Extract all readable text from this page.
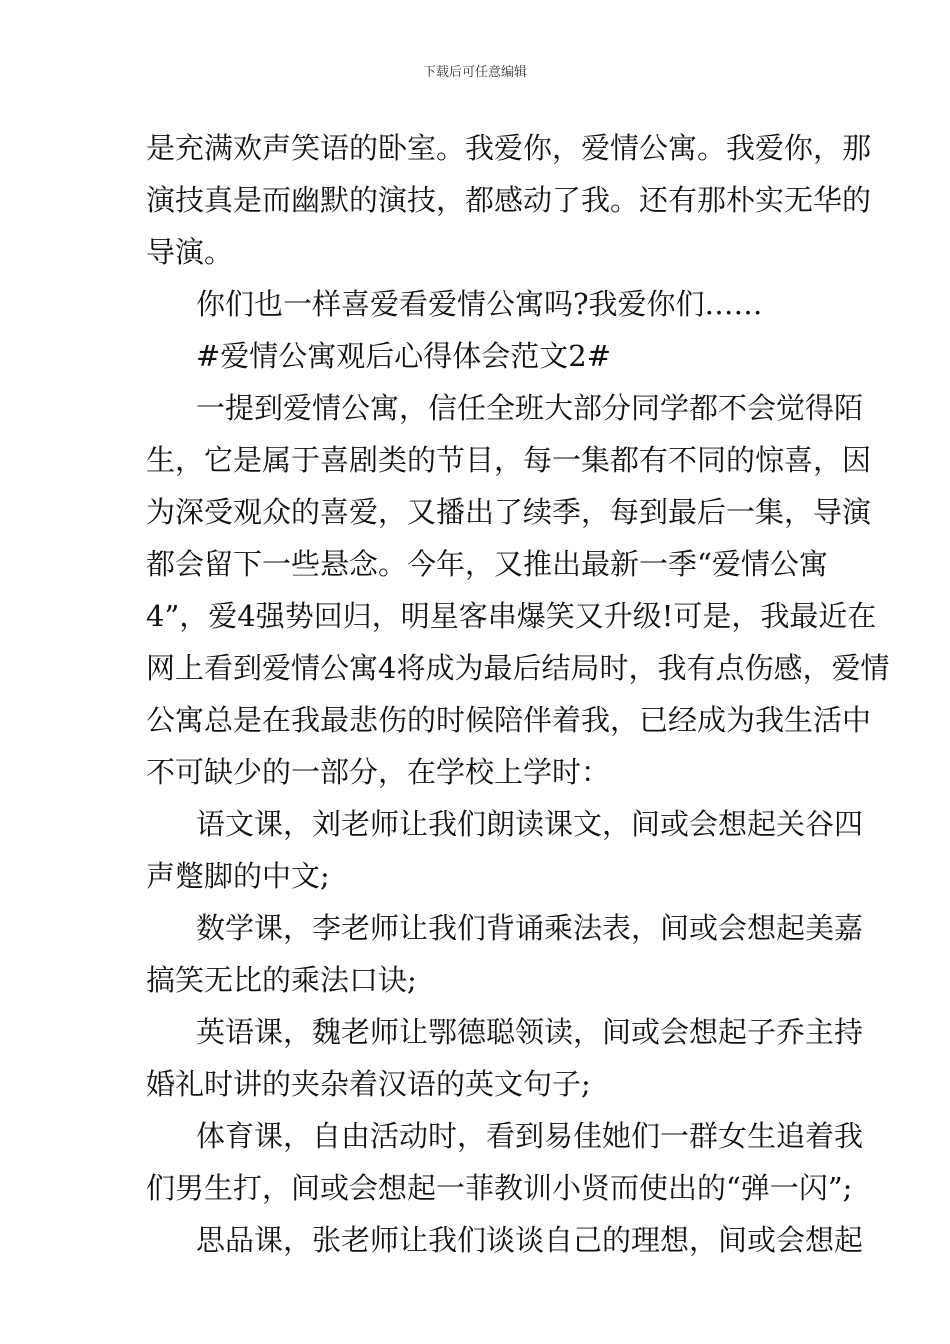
下载后可任意编辑
是充满欢声笑语的卧室。我爱你，爱情公寓。我爱你，那
演技真是而幽默的演技，都感动了我。还有那朴实无华的
导演。
你们也一样喜爱看爱情公寓吗?我爱你们……
#爱情公寓观后心得体会范文2#
一提到爱情公寓，信任全班大部分同学都不会觉得陌
生，它是属于喜剧类的节目，每一集都有不同的惊喜，因
为深受观众的喜爱，又播出了续季，每到最后一集，导演
都会留下一些悬念。今年，又推出最新一季“爱情公寓
4”，爱4强势回归，明星客串爆笑又升级!可是，我最近在
网上看到爱情公寓4将成为最后结局时，我有点伤感，爱情
公寓总是在我最悲伤的时候陪伴着我，已经成为我生活中
不可缺少的一部分，在学校上学时：
语文课，刘老师让我们朗读课文，间或会想起关谷四
声蹩脚的中文;
数学课，李老师让我们背诵乘法表，间或会想起美嘉
搞笑无比的乘法口诀;
英语课，魏老师让鄂德聪领读，间或会想起子乔主持
婚礼时讲的夹杂着汉语的英文句子;
体育课，自由活动时，看到易佳她们一群女生追着我
们男生打，间或会想起一菲教训小贤而使出的“弹一闪”;
思品课，张老师让我们谈谈自己的理想，间或会想起
